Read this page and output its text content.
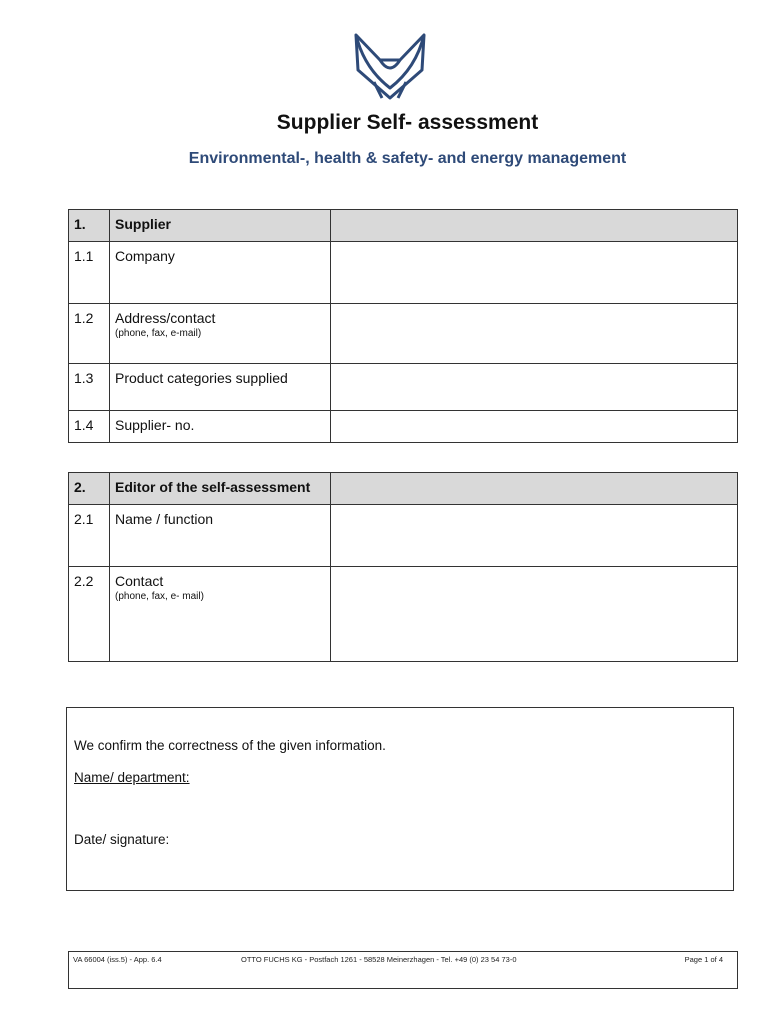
Supplier Self- assessment
Environmental-, health & safety- and energy management
1.	Supplier	
1.1	Company	
1.2	Address/contact
(phone, fax, e-mail)	

1.3	Product categories supplied	
1.4	Supplier- no.	
2.	Editor of the self-assessment	
2.1	Name / function	
2.2	Contact
(phone, fax, e- mail)	

We confirm the correctness of the given information.
Name/ department:
Date/ signature:
VA 66004 (iss.5) - App. 6.4	OTTO FUCHS KG - Postfach 1261 - 58528 Meinerzhagen - Tel. +49 (0) 23 54 73-0	Page 1 of 4
